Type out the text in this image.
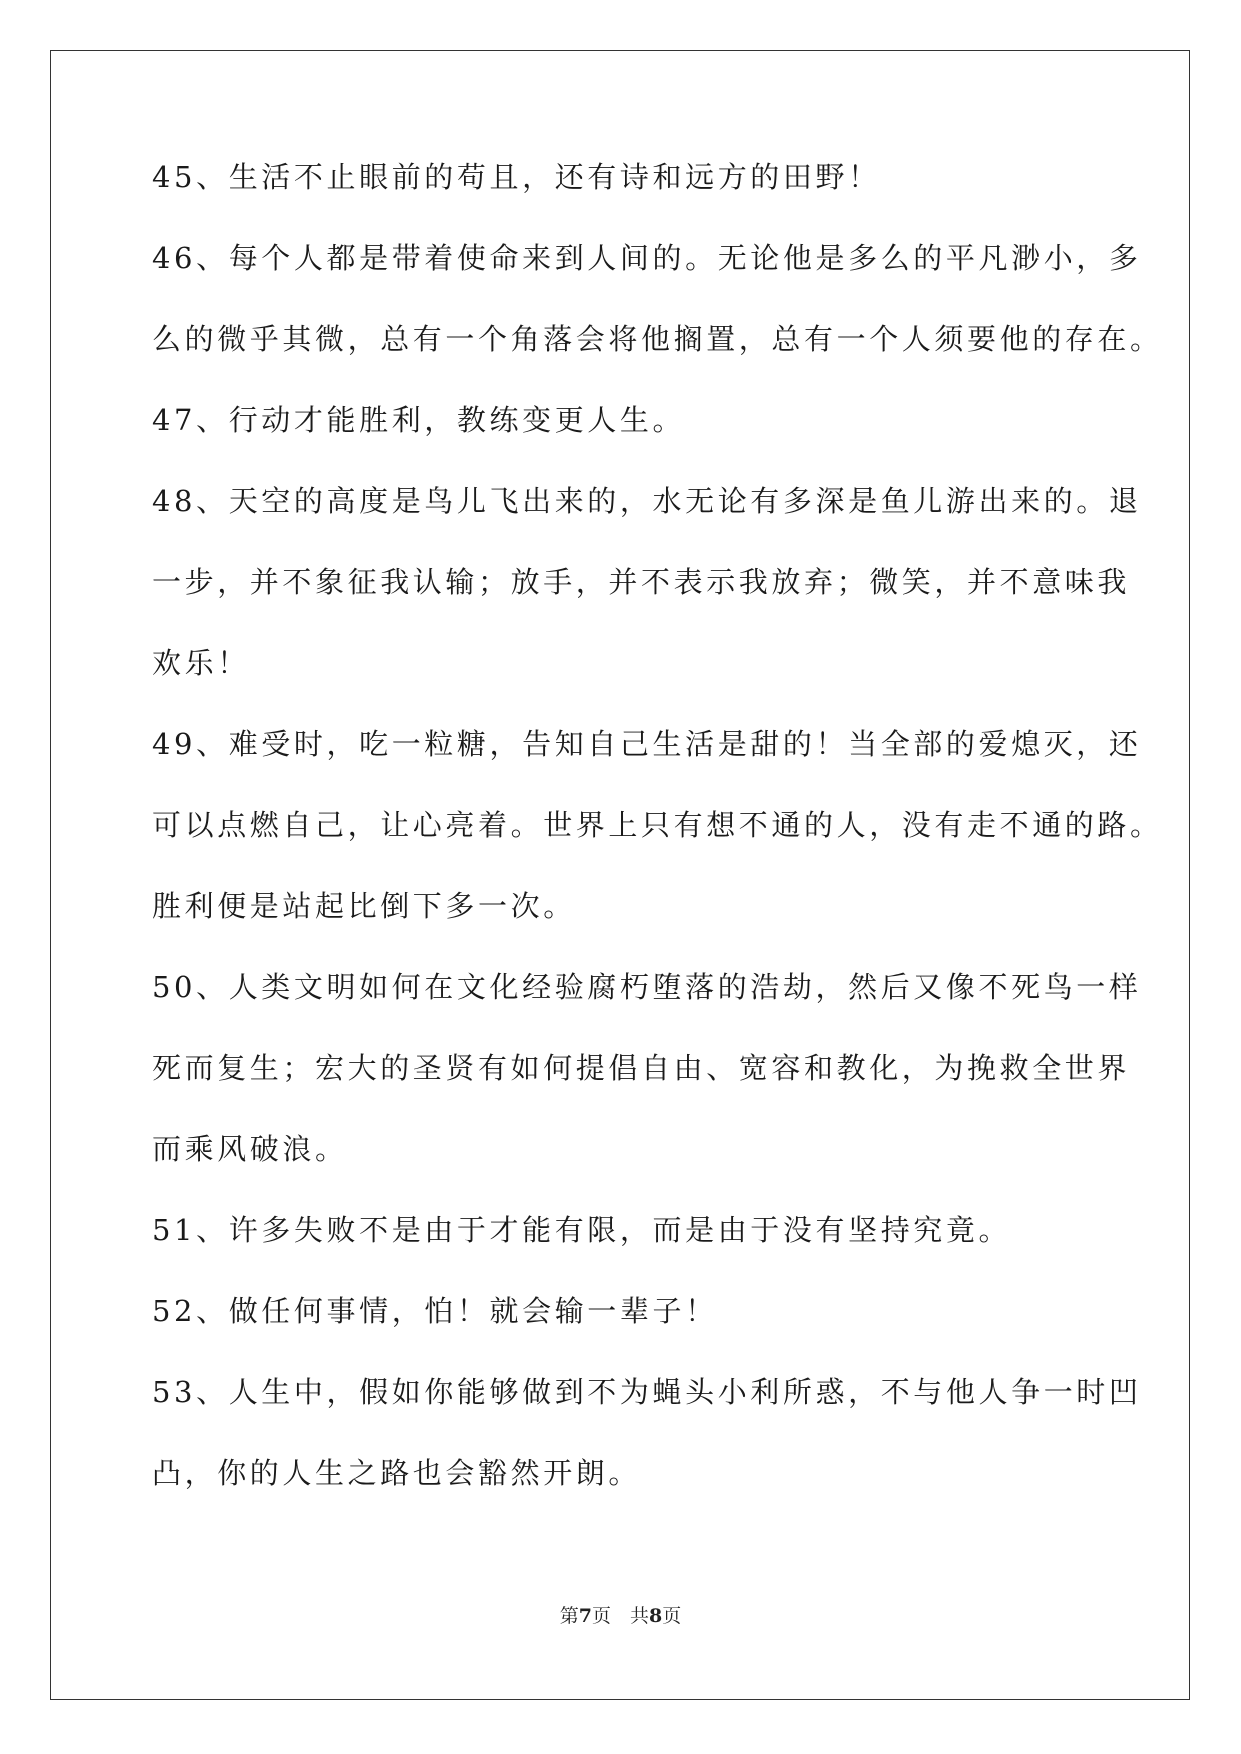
45、生活不止眼前的苟且，还有诗和远方的田野！
46、每个人都是带着使命来到人间的。无论他是多么的平凡渺小，多
么的微乎其微，总有一个角落会将他搁置，总有一个人须要他的存在。
47、行动才能胜利，教练变更人生。
48、天空的高度是鸟儿飞出来的，水无论有多深是鱼儿游出来的。退
一步，并不象征我认输；放手，并不表示我放弃；微笑，并不意味我
欢乐！
49、难受时，吃一粒糖，告知自己生活是甜的！当全部的爱熄灭，还
可以点燃自己，让心亮着。世界上只有想不通的人，没有走不通的路。
胜利便是站起比倒下多一次。
50、人类文明如何在文化经验腐朽堕落的浩劫，然后又像不死鸟一样
死而复生；宏大的圣贤有如何提倡自由、宽容和教化，为挽救全世界
而乘风破浪。
51、许多失败不是由于才能有限，而是由于没有坚持究竟。
52、做任何事情，怕！就会输一辈子！
53、人生中，假如你能够做到不为蝇头小利所惑，不与他人争一时凹
凸，你的人生之路也会豁然开朗。
第7页　共8页
